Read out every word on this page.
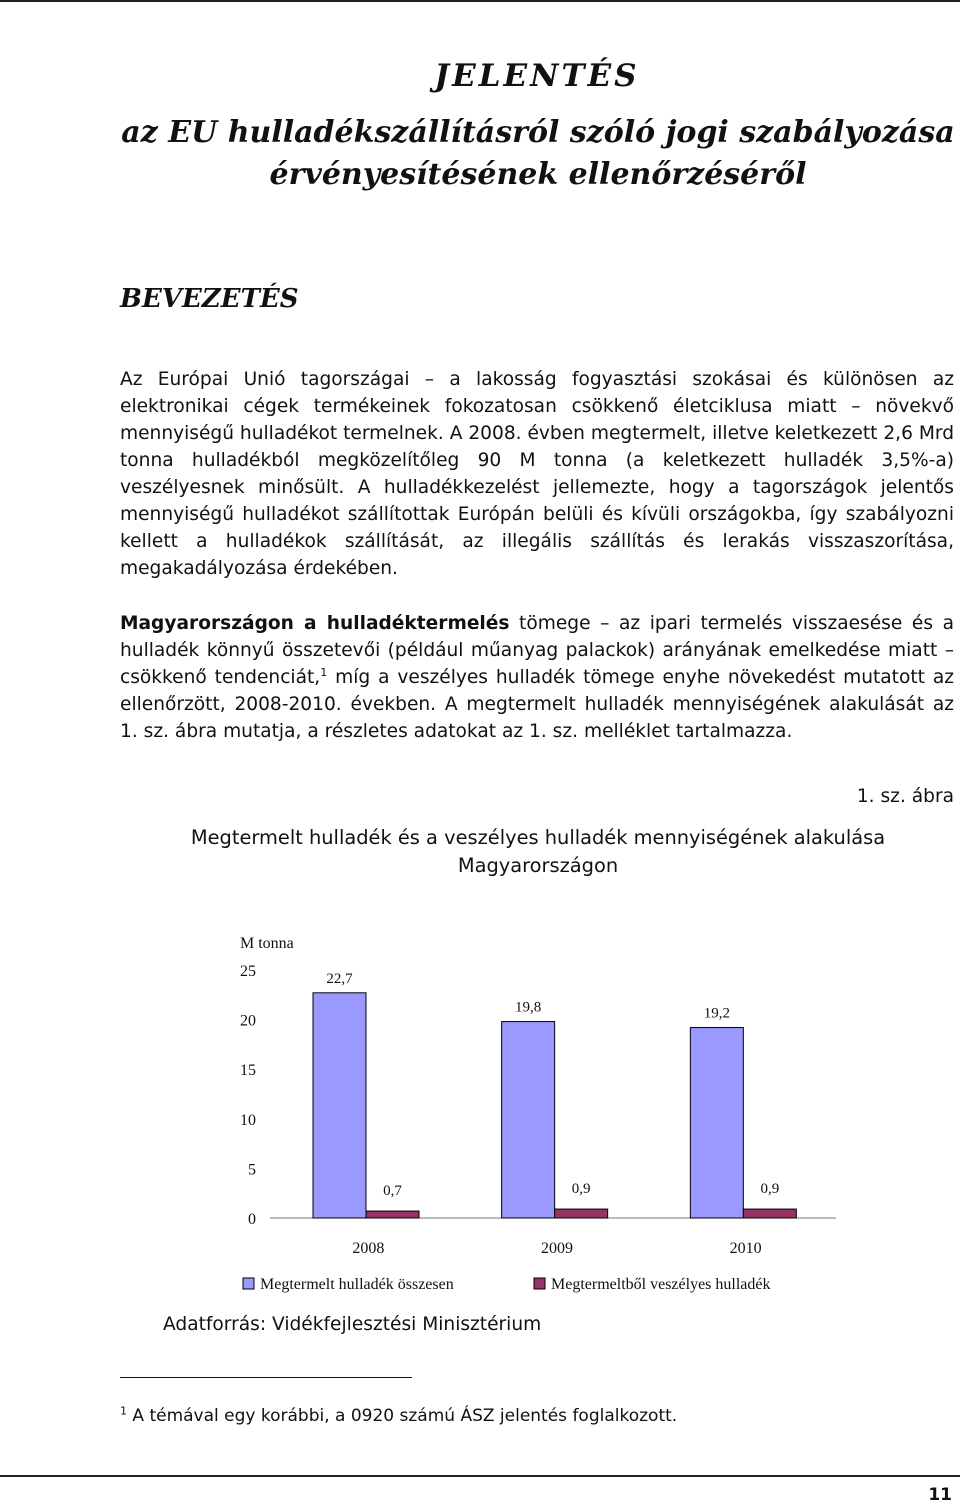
JELENTÉS
az EU hulladékszállításról szóló jogi szabályozása érvényesítésének ellenőrzéséről
BEVEZETÉS

Az Európai Unió tagországai – a lakosság fogyasztási szokásai és különösen az elektronikai cégek termékeinek fokozatosan csökkenő életciklusa miatt – növekvő mennyiségű hulladékot termelnek. A 2008. évben megtermelt, illetve keletkezett 2,6 Mrd tonna hulladékból megközelítőleg 90 M tonna (a keletkezett hulladék 3,5%-a) veszélyesnek minősült. A hulladékkezelést jellemezte, hogy a tagországok jelentős mennyiségű hulladékot szállítottak Európán belüli és kívüli országokba, így szabályozni kellett a hulladékok szállítását, az illegális szállítás és lerakás visszaszorítása, megakadályozása érdekében.

Magyarországon a hulladéktermelés tömege – az ipari termelés visszaesése és a hulladék könnyű összetevői (például műanyag palackok) arányának emelkedése miatt – csökkenő tendenciát,$^1$ míg a veszélyes hulladék tömege enyhe növekedést mutatott az ellenőrzött, 2008-2010. években. A megtermelt hulladék mennyiségének alakulását az 1. sz. ábra mutatja, a részletes adatokat az 1. sz. melléklet tartalmazza.

1. sz. ábra
Megtermelt hulladék és a veszélyes hulladék mennyiségének alakulása
Magyarországon
M tonna
0
5
10
15
20
25	22,7
0,7
2008
19,8
0,9
2009
19,2
0,9
2010
Megtermelt hulladék összesen	Megtermeltből veszélyes hulladék
Adatforrás: Vidékfejlesztési Minisztérium
$^1$ A témával egy korábbi, a 0920 számú ÁSZ jelentés foglalkozott.
11
